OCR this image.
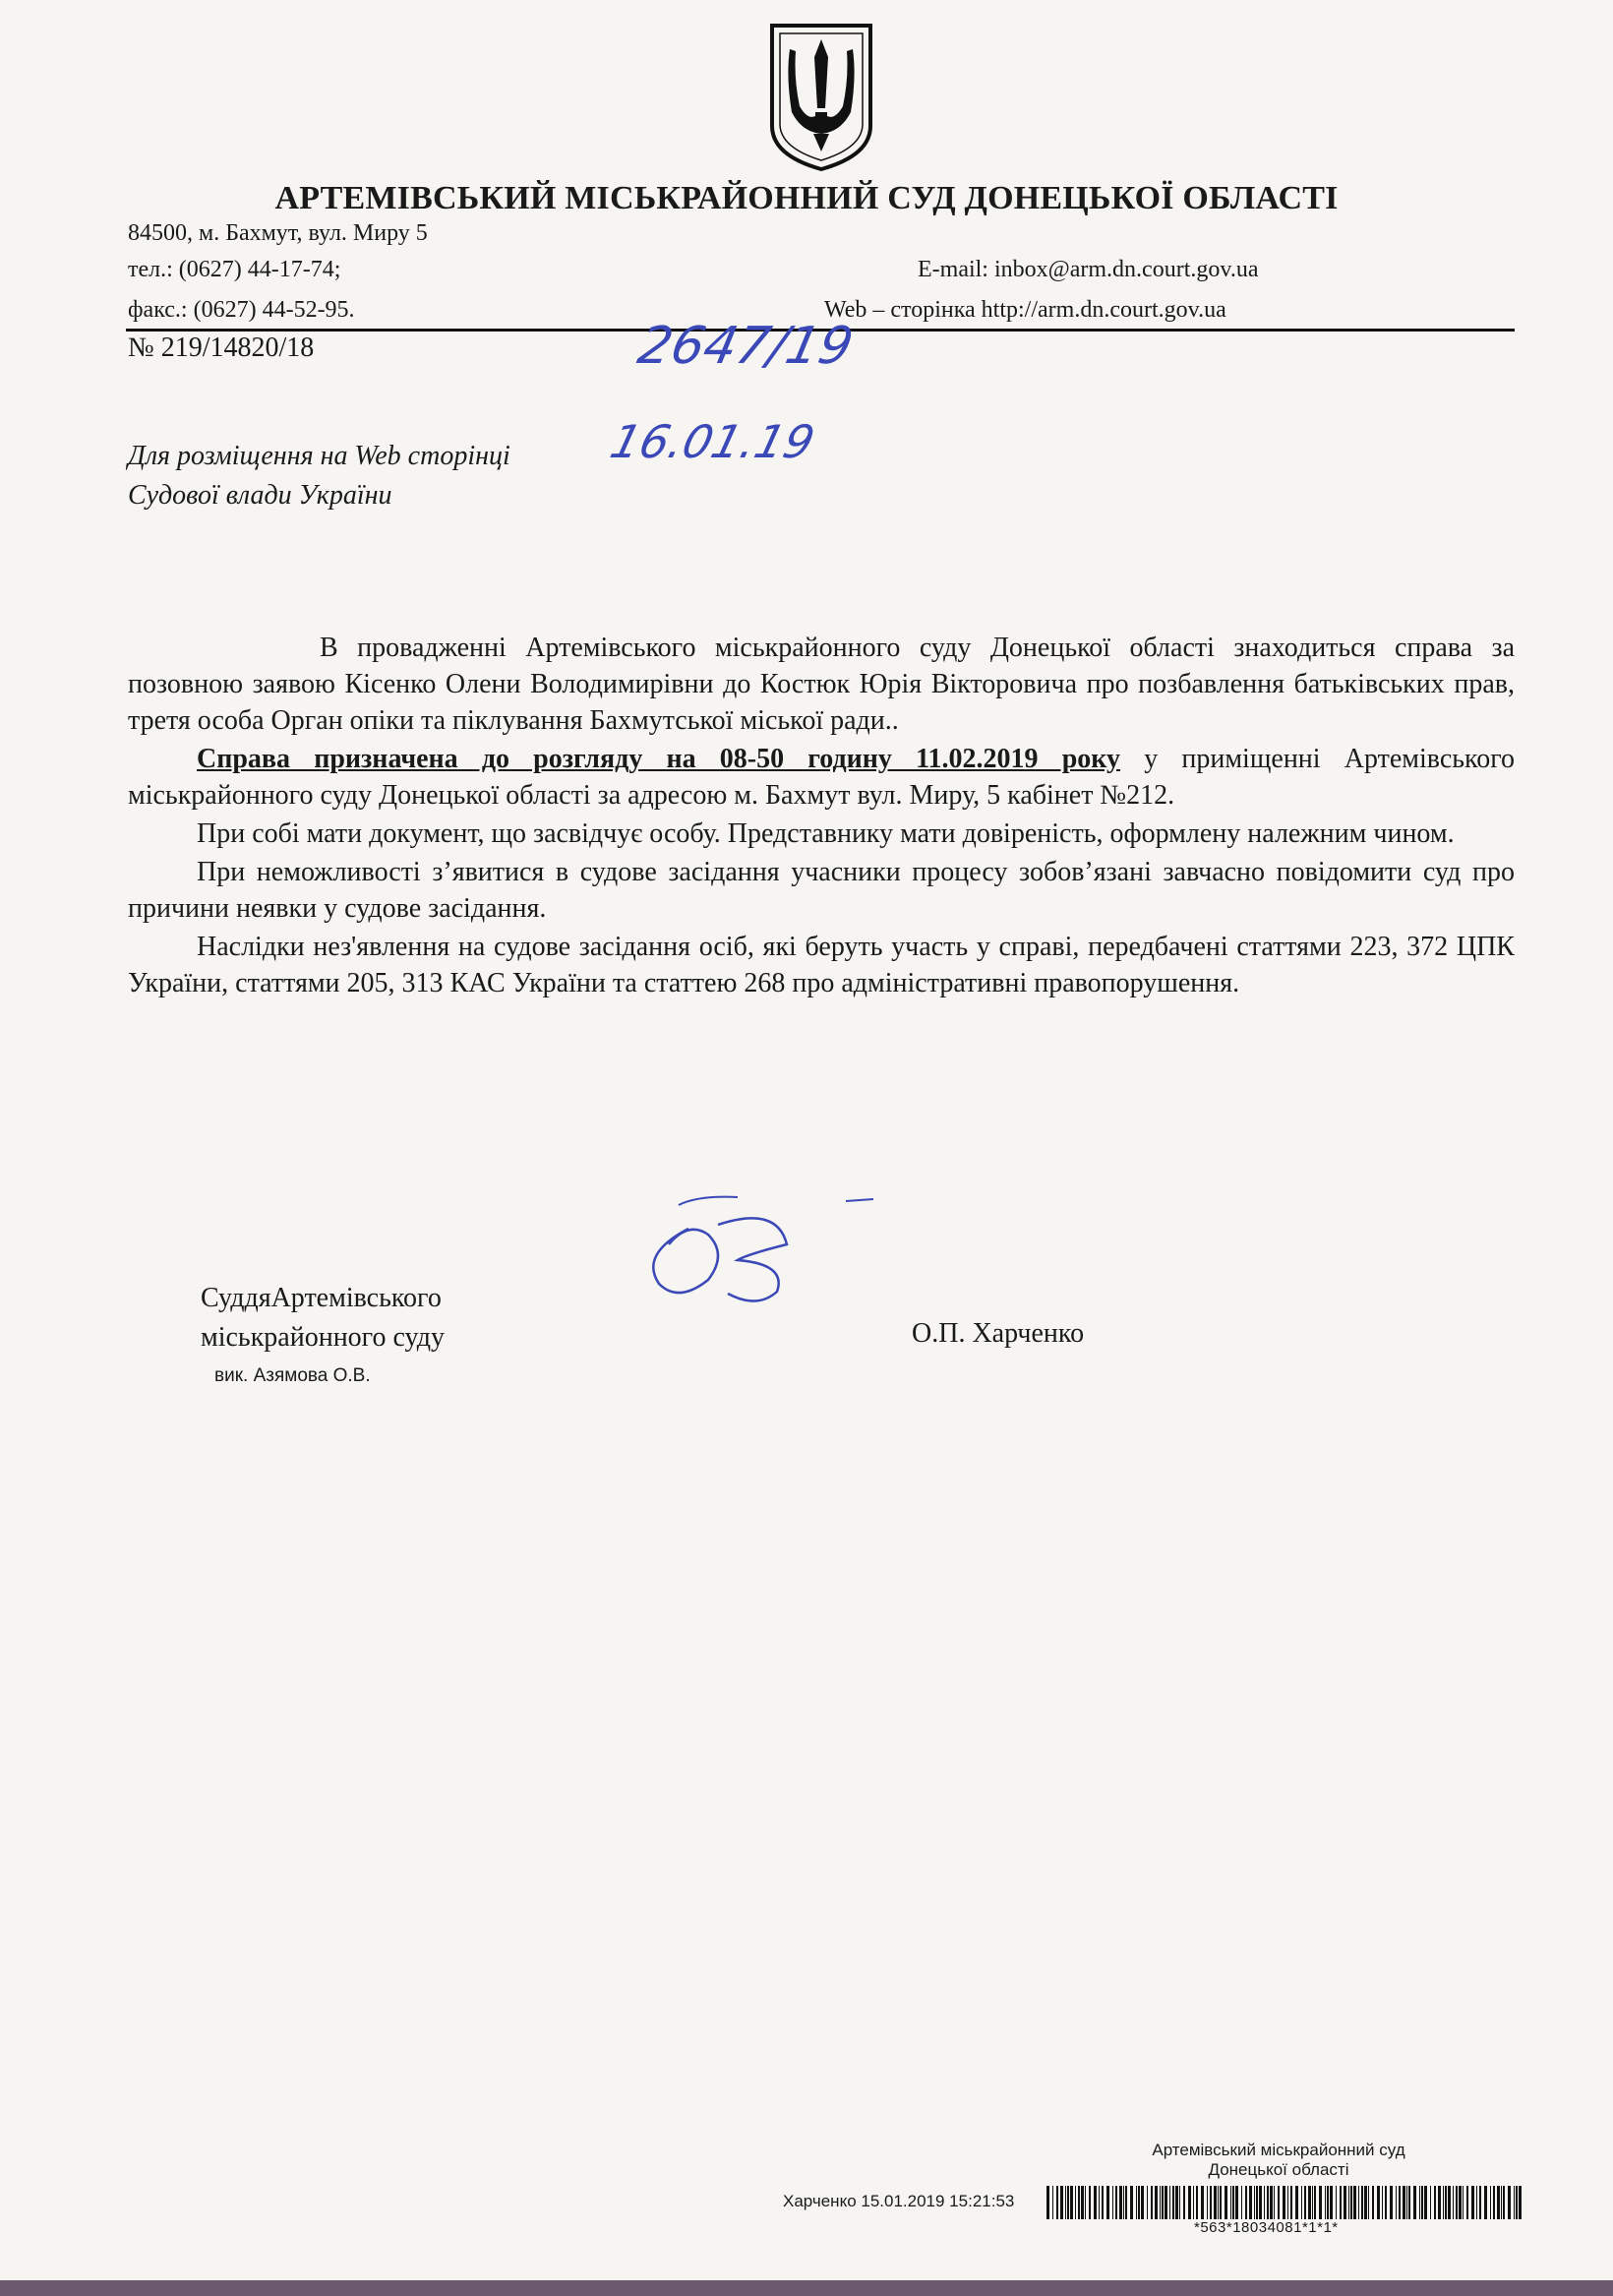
АРТЕМІВСЬКИЙ МІСЬКРАЙОННИЙ СУД ДОНЕЦЬКОЇ ОБЛАСТІ
84500, м. Бахмут, вул. Миру 5
тел.: (0627) 44-17-74;
факс.: (0627) 44-52-95.
E-mail: inbox@arm.dn.court.gov.ua
Web – сторінка http://arm.dn.court.gov.ua
№ 219/14820/18	2647/19
16.01.19
Для розміщення на Web сторінці
Судової влади України

В провадженні Артемівського міськрайонного суду Донецької області знаходиться справа за позовною заявою Кісенко Олени Володимирівни до Костюк Юрія Вікторовича про позбавлення батьківських прав, третя особа Орган опіки та піклування Бахмутської міської ради..

Справа призначена до розгляду на 08-50 годину 11.02.2019 року у приміщенні Артемівського міськрайонного суду Донецької області за адресою м. Бахмут вул. Миру, 5 кабінет №212.

При собі мати документ, що засвідчує особу. Представнику мати довіреність, оформлену належним чином.

При неможливості з’явитися в судове засідання учасники процесу зобов’язані завчасно повідомити суд про причини неявки у судове засідання.

Наслідки нез'явлення на судове засідання осіб, які беруть участь у справі, передбачені статтями 223, 372 ЦПК України, статтями 205, 313 КАС України та статтею 268 про адміністративні правопорушення.

СуддяАртемівського
міськрайонного суду
вик. Азямова О.В.
О.П. Харченко
Артемівський міськрайонний суд
Донецької області
Харченко 15.01.2019 15:21:53
*563*18034081*1*1*
